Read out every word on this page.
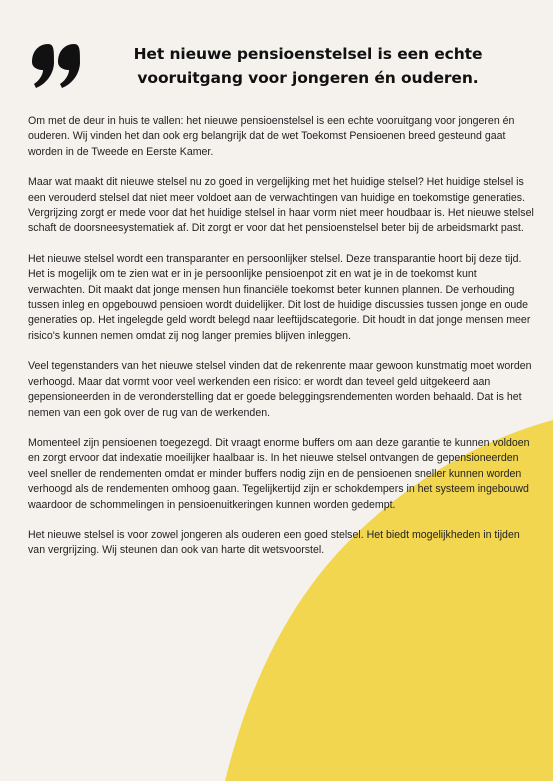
Het nieuwe pensioenstelsel is een echte
vooruitgang voor jongeren én ouderen.

Om met de deur in huis te vallen: het nieuwe pensioenstelsel is een echte vooruitgang voor jongeren én ouderen. Wij vinden het dan ook erg belangrijk dat de wet Toekomst Pensioenen breed gesteund gaat worden in de Tweede en Eerste Kamer.

Maar wat maakt dit nieuwe stelsel nu zo goed in vergelijking met het huidige stelsel? Het huidige stelsel is een verouderd stelsel dat niet meer voldoet aan de verwachtingen van huidige en toekomstige generaties. Vergrijzing zorgt er mede voor dat het huidige stelsel in haar vorm niet meer houdbaar is. Het nieuwe stelsel schaft de doorsneesystematiek af. Dit zorgt er voor dat het pensioenstelsel beter bij de arbeidsmarkt past.

Het nieuwe stelsel wordt een transparanter en persoonlijker stelsel. Deze transparantie hoort bij deze tijd. Het is mogelijk om te zien wat er in je persoonlijke pensioenpot zit en wat je in de toekomst kunt verwachten. Dit maakt dat jonge mensen hun financiële toekomst beter kunnen plannen. De verhouding tussen inleg en opgebouwd pensioen wordt duidelijker. Dit lost de huidige discussies tussen jonge en oude generaties op. Het ingelegde geld wordt belegd naar leeftijdscategorie. Dit houdt in dat jonge mensen meer risico's kunnen nemen omdat zij nog langer premies blijven inleggen.

Veel tegenstanders van het nieuwe stelsel vinden dat de rekenrente maar gewoon kunstmatig moet worden verhoogd. Maar dat vormt voor veel werkenden een risico: er wordt dan teveel geld uitgekeerd aan gepensioneerden in de veronderstelling dat er goede beleggingsrendementen worden behaald. Dat is het nemen van een gok over de rug van de werkenden.

Momenteel zijn pensioenen toegezegd. Dit vraagt enorme buffers om aan deze garantie te kunnen voldoen en zorgt ervoor dat indexatie moeilijker haalbaar is. In het nieuwe stelsel ontvangen de gepensioneerden veel sneller de rendementen omdat er minder buffers nodig zijn en de pensioenen sneller kunnen worden verhoogd als de rendementen omhoog gaan. Tegelijkertijd zijn er schokdempers in het systeem ingebouwd waardoor de schommelingen in pensioenuitkeringen kunnen worden gedempt.

Het nieuwe stelsel is voor zowel jongeren als ouderen een goed stelsel. Het biedt mogelijkheden in tijden van vergrijzing. Wij steunen dan ook van harte dit wetsvoorstel.
